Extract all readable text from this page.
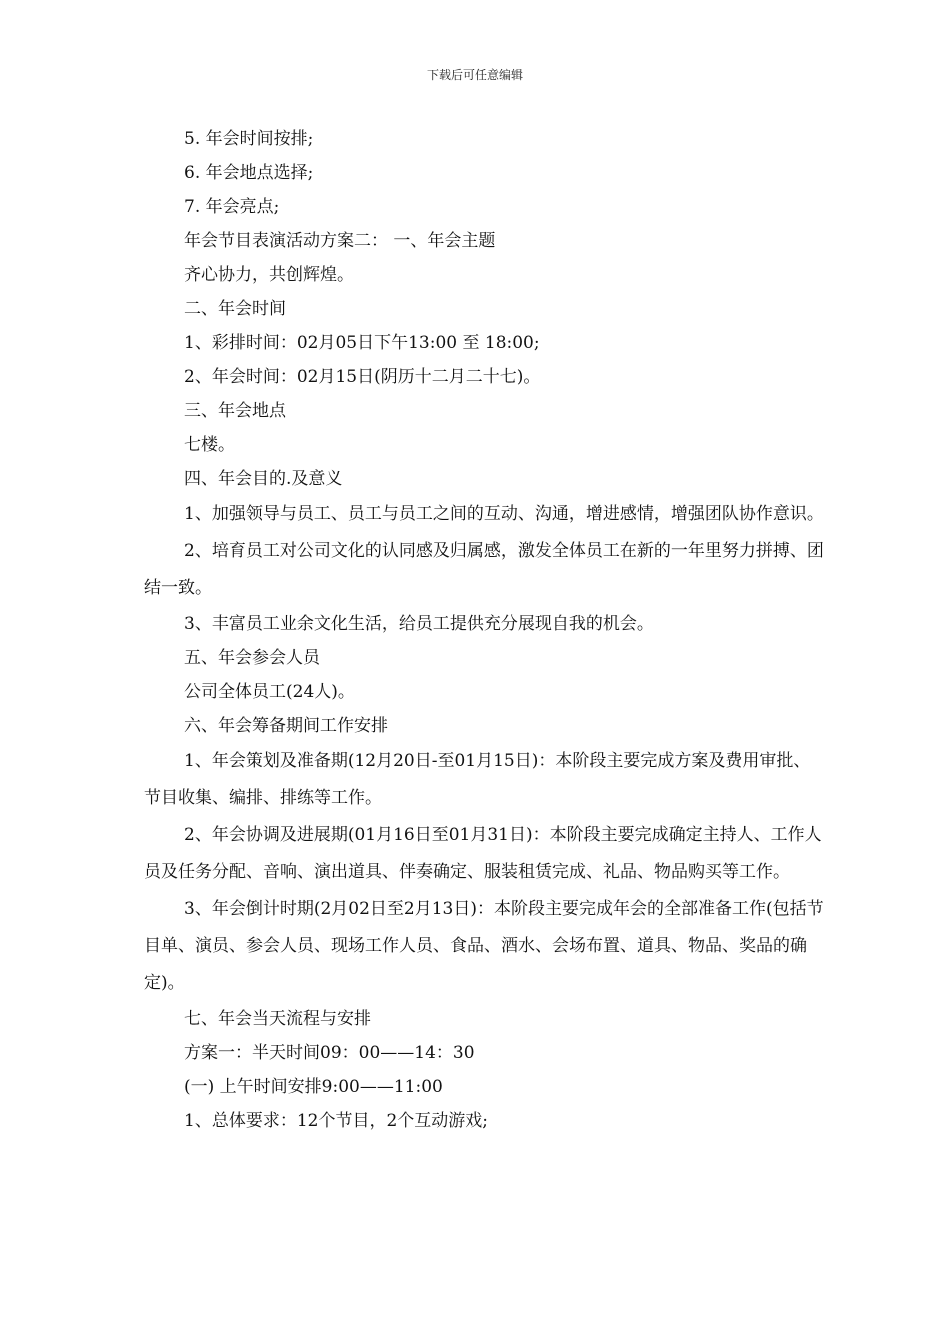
下载后可任意编辑
5. 年会时间按排;
6. 年会地点选择;
7. 年会亮点;
年会节目表演活动方案二： 一、年会主题
齐心协力，共创辉煌。
二、年会时间
1、彩排时间：02月05日下午13:00 至 18:00;
2、年会时间：02月15日(阴历十二月二十七)。
三、年会地点
七楼。
四、年会目的.及意义
1、加强领导与员工、员工与员工之间的互动、沟通，增进感情，增强团队协作意识。
2、培育员工对公司文化的认同感及归属感，激发全体员工在新的一年里努力拼搏、团结一致。
3、丰富员工业余文化生活，给员工提供充分展现自我的机会。
五、年会参会人员
公司全体员工(24人)。
六、年会筹备期间工作安排
1、年会策划及准备期(12月20日-至01月15日)：本阶段主要完成方案及费用审批、节目收集、编排、排练等工作。
2、年会协调及进展期(01月16日至01月31日)：本阶段主要完成确定主持人、工作人员及任务分配、音响、演出道具、伴奏确定、服装租赁完成、礼品、物品购买等工作。
3、年会倒计时期(2月02日至2月13日)：本阶段主要完成年会的全部准备工作(包括节目单、演员、参会人员、现场工作人员、食品、酒水、会场布置、道具、物品、奖品的确定)。
七、年会当天流程与安排
方案一：半天时间09：00——14：30
(一) 上午时间安排9:00——11:00
1、总体要求：12个节目，2个互动游戏;
